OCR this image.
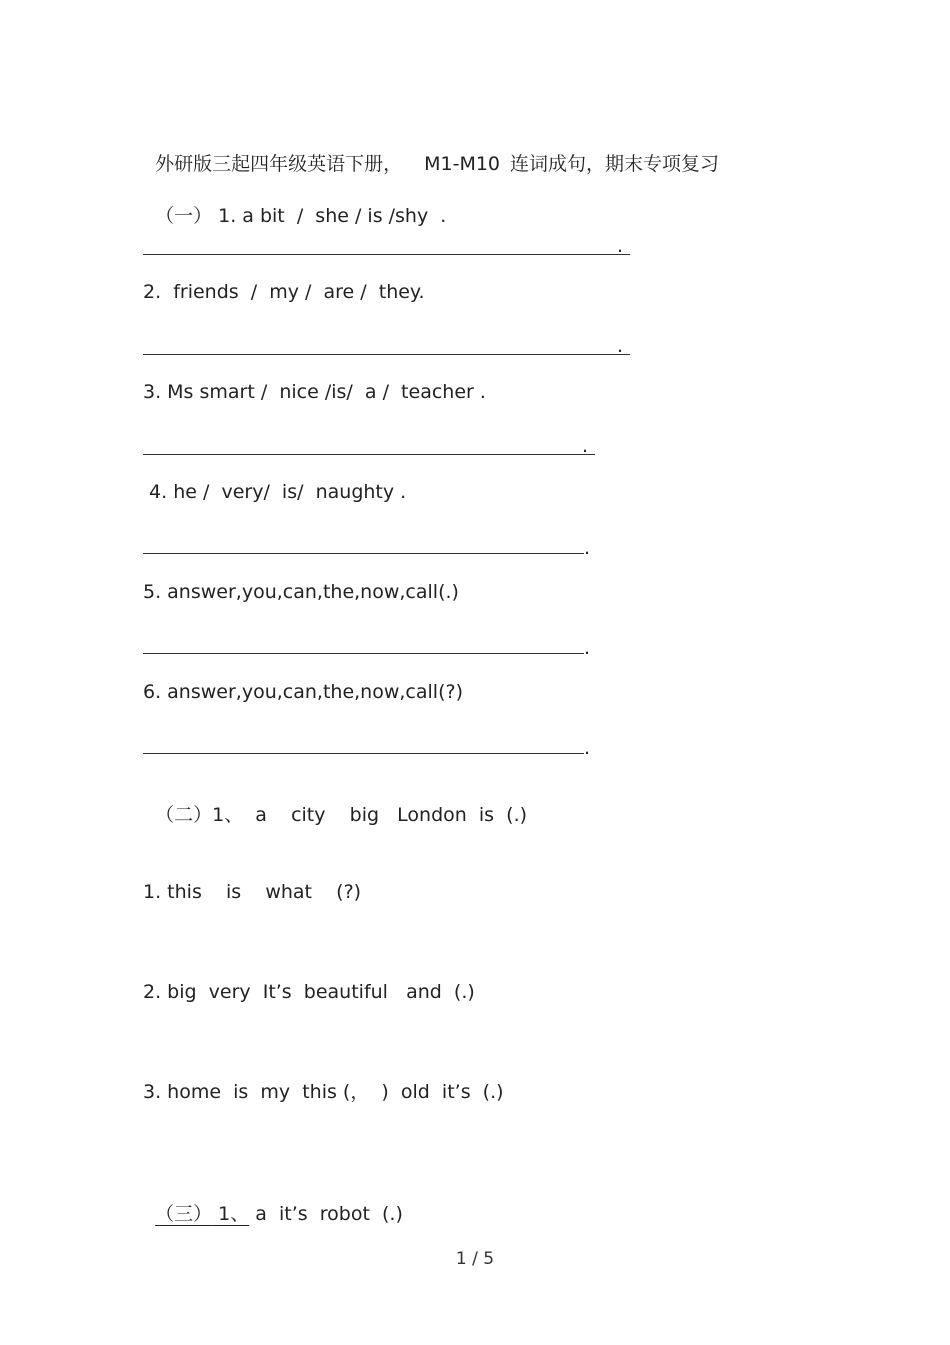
外研版三起四年级英语下册， M1-M10 连词成句，期末专项复习

（一） 1. a bit  /  she / is /shy  .

.
2.  friends  /  my /  are /  they.
.
3. Ms smart /  nice /is/  a /  teacher .
.
4. he /  very/  is/  naughty .
.
5. answer,you,can,the,now,call(.)
.
6. answer,you,can,the,now,call(?)
.

（二）1、  a    city    big   London  is  (.)

1. this    is    what    (?)
2. big  very  It’s  beautiful   and  (.)
3. home  is  my  this (，  )  old  it’s  (.)

（三） 1、 a  it’s  robot  (.)

1 / 5
